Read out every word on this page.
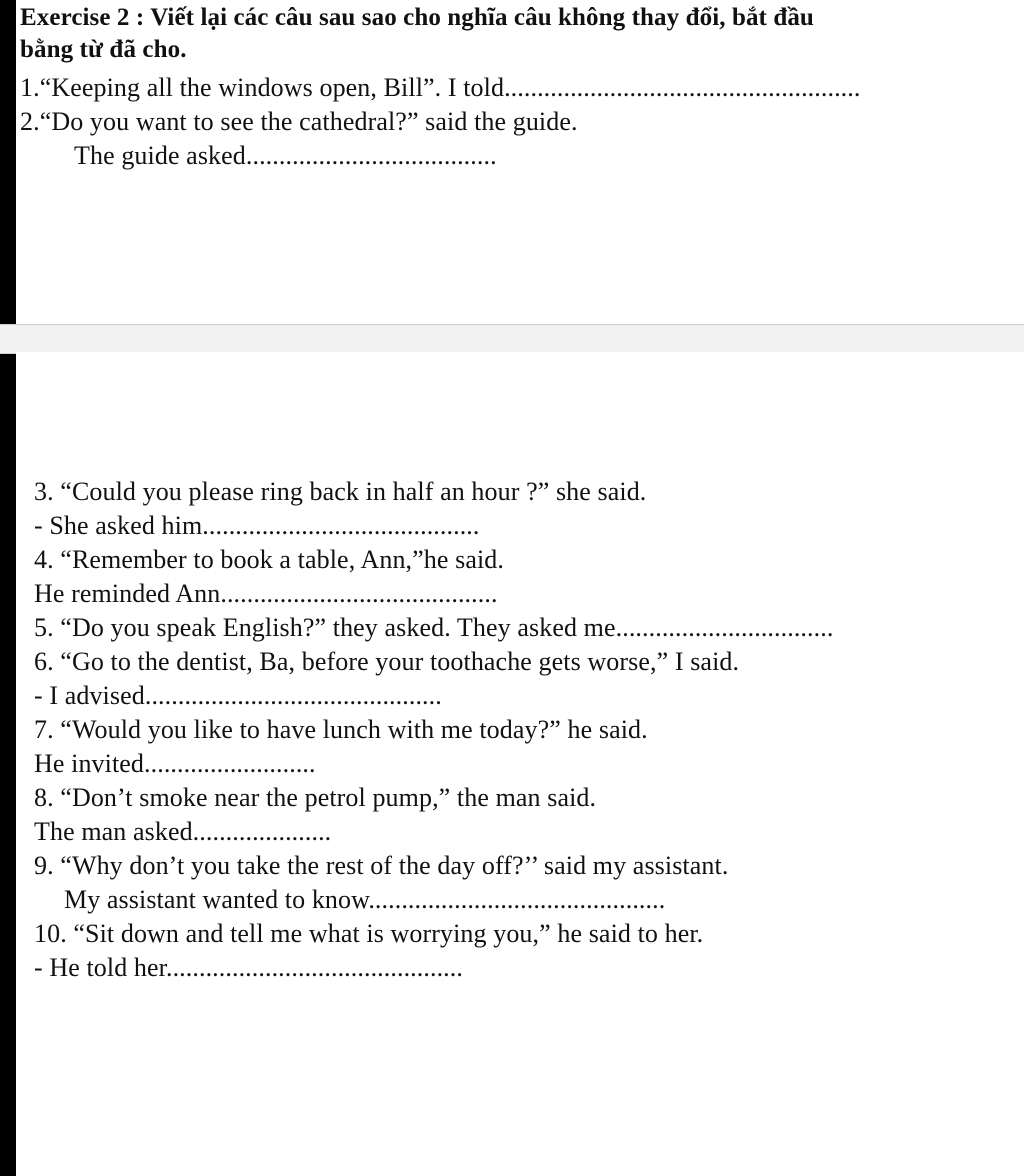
Exercise 2 : Viết lại các câu sau sao cho nghĩa câu không thay đổi, bắt đầu
bằng từ đã cho.
1.“Keeping all the windows open, Bill”. I told......................................................
2.“Do you want to see the cathedral?” said the guide.
The guide asked......................................
3. “Could you please ring back in half an hour ?” she said.
- She asked him..........................................
4. “Remember to book a table, Ann,”he said.
He reminded Ann..........................................
5. “Do you speak English?” they asked. They asked me.................................
6. “Go to the dentist, Ba, before your toothache gets worse,” I said.
- I advised.............................................
7. “Would you like to have lunch with me today?” he said.
He invited..........................
8. “Don’t smoke near the petrol pump,” the man said.
The man asked.....................
9. “Why don’t you take the rest of the day off?’’ said my assistant.
My assistant wanted to know.............................................
10. “Sit down and tell me what is worrying you,” he said to her.
- He told her.............................................
